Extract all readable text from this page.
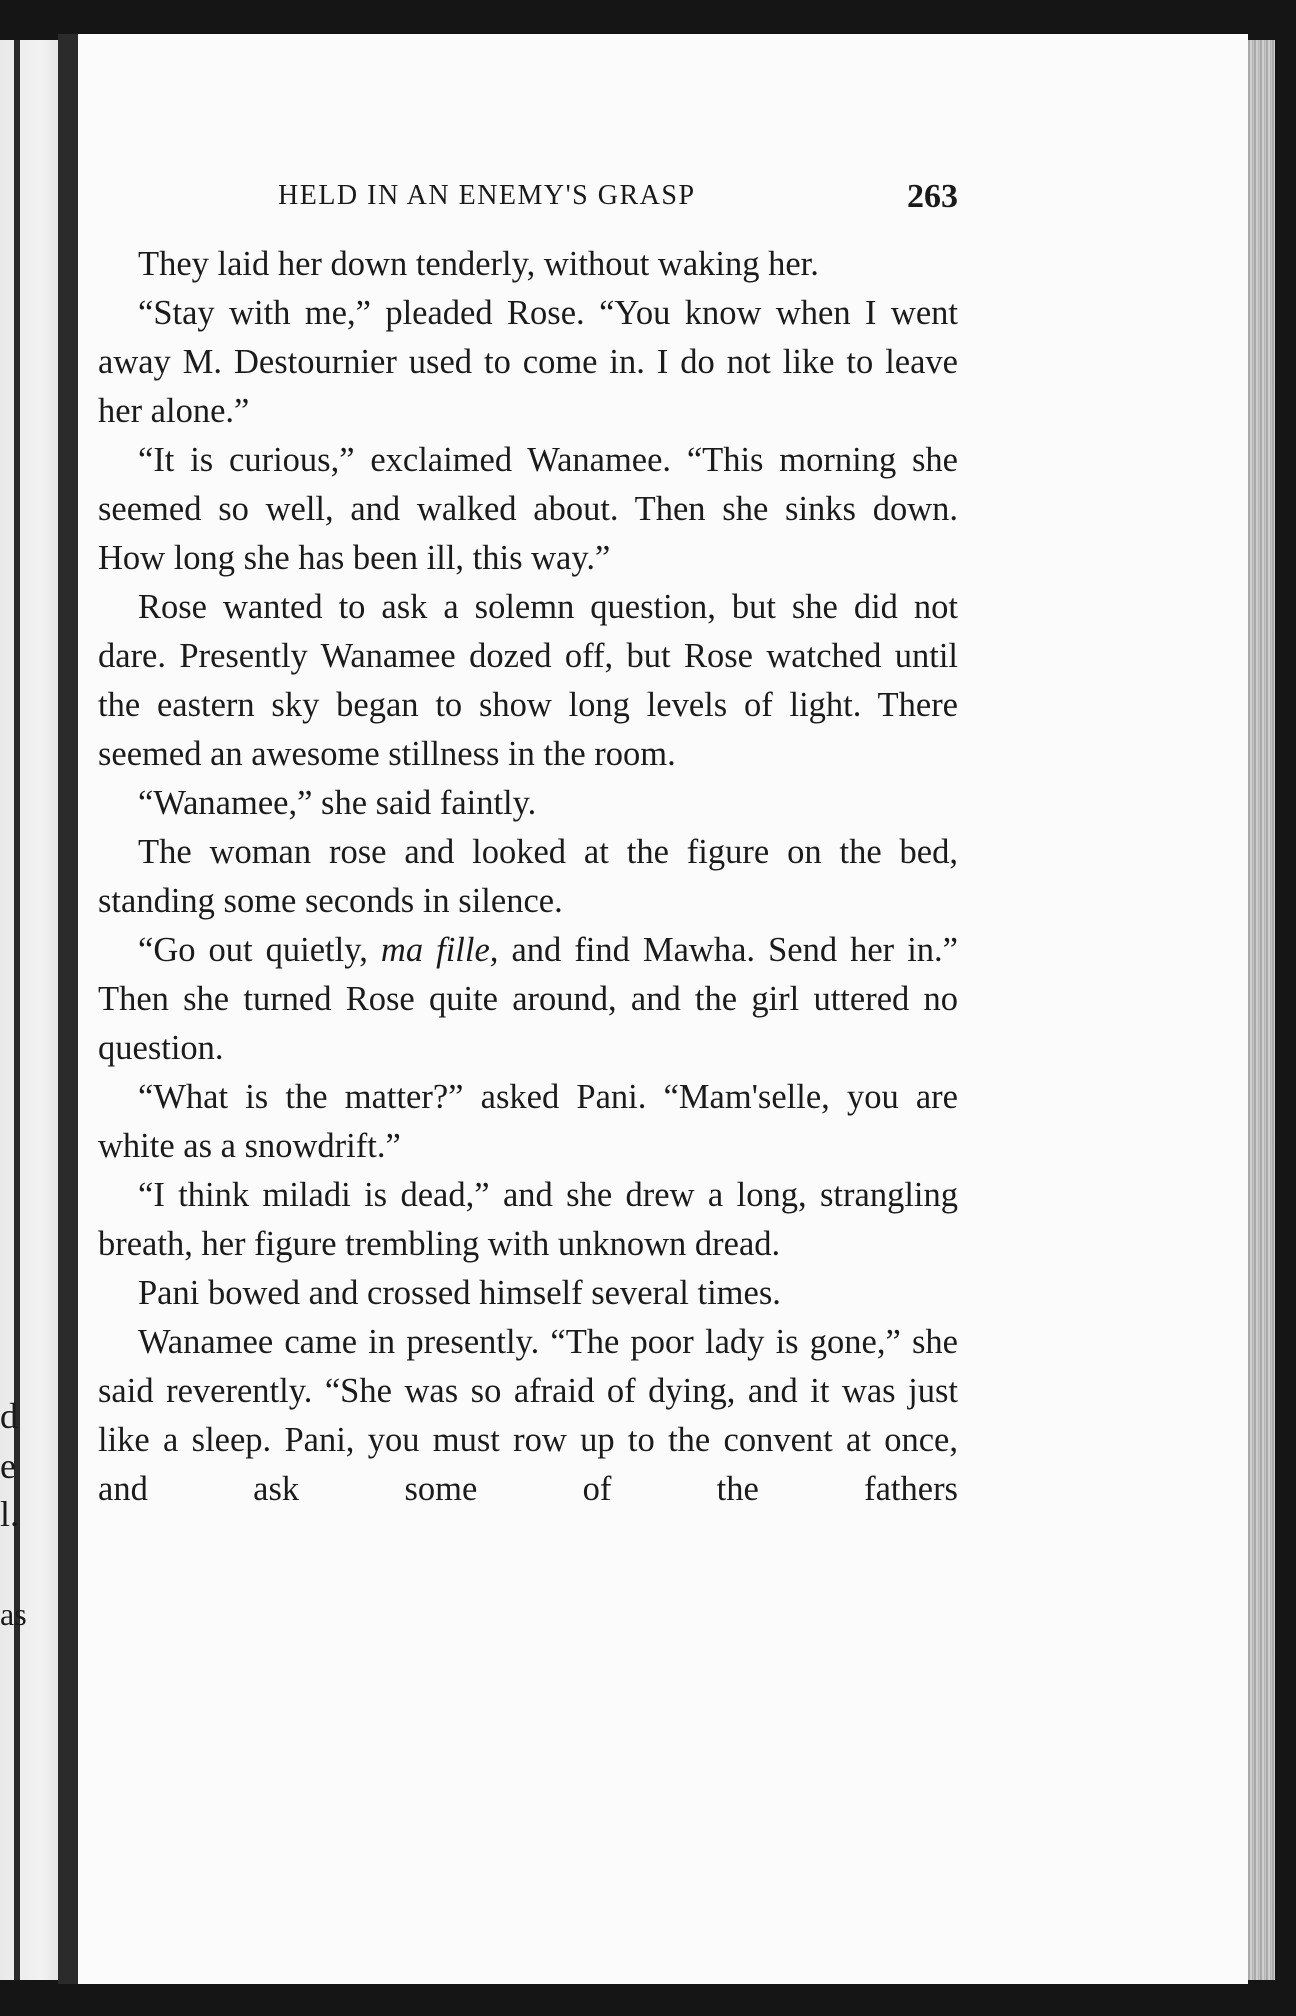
d
e
l.
as
HELD IN AN ENEMY'S GRASP	263

They laid her down tenderly, without waking her.

“Stay with me,” pleaded Rose. “You know when I went away M. Destournier used to come in. I do not like to leave her alone.”

“It is curious,” exclaimed Wanamee. “This morning she seemed so well, and walked about. Then she sinks down. How long she has been ill, this way.”

Rose wanted to ask a solemn question, but she did not dare. Presently Wanamee dozed off, but Rose watched until the eastern sky began to show long levels of light. There seemed an awesome stillness in the room.

“Wanamee,” she said faintly.

The woman rose and looked at the figure on the bed, standing some seconds in silence.

“Go out quietly, ma fille, and find Mawha. Send her in.” Then she turned Rose quite around, and the girl uttered no question.

“What is the matter?” asked Pani. “Mam'selle, you are white as a snowdrift.”

“I think miladi is dead,” and she drew a long, strangling breath, her figure trembling with unknown dread.

Pani bowed and crossed himself several times.

Wanamee came in presently. “The poor lady is gone,” she said reverently. “She was so afraid of dying, and it was just like a sleep. Pani, you must row up to the convent at once, and ask some of the fathers
